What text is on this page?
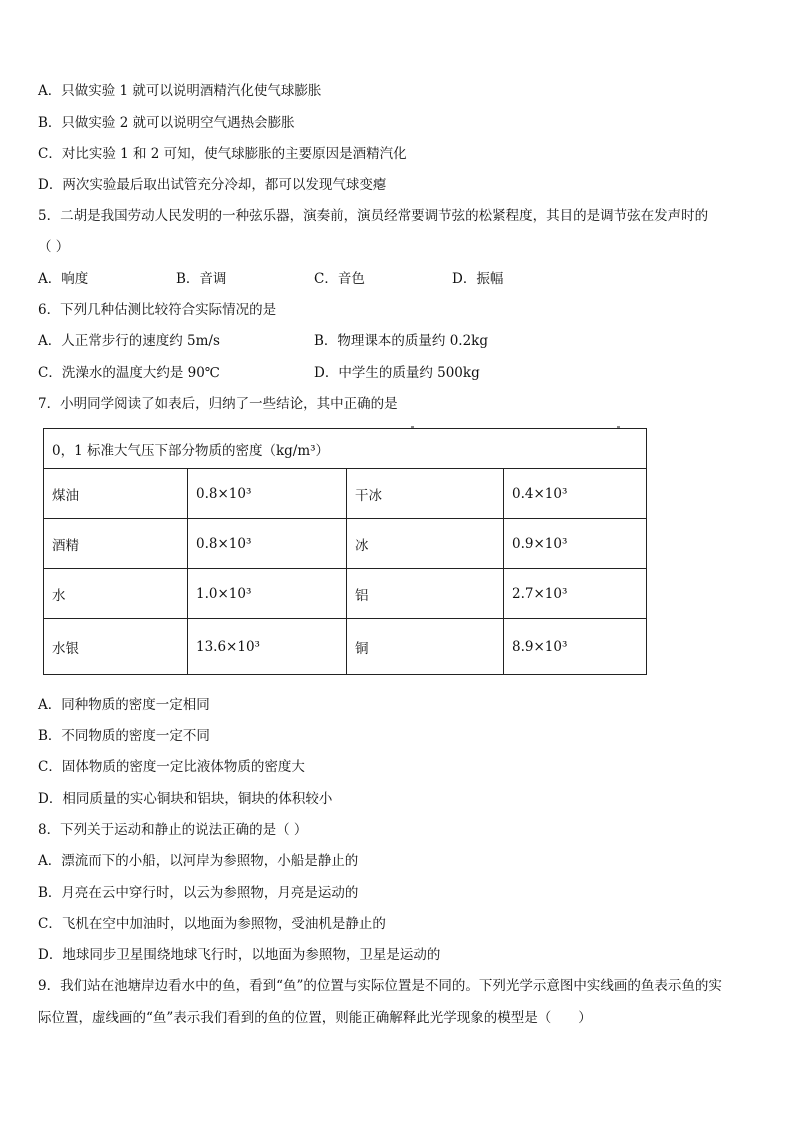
A．只做实验 1 就可以说明酒精汽化使气球膨胀
B．只做实验 2 就可以说明空气遇热会膨胀
C．对比实验 1 和 2 可知，使气球膨胀的主要原因是酒精汽化
D．两次实验最后取出试管充分冷却，都可以发现气球变瘪
5．二胡是我国劳动人民发明的一种弦乐器，演奏前，演员经常要调节弦的松紧程度，其目的是调节弦在发声时的
（ ）
A．响度	B．音调	C．音色	D．振幅
6．下列几种估测比较符合实际情况的是
A．人正常步行的速度约 5m/s	B．物理课本的质量约 0.2kg
C．洗澡水的温度大约是 90℃	D．中学生的质量约 500kg
7．小明同学阅读了如表后，归纳了一些结论，其中正确的是
0，1 标准大气压下部分物质的密度（kg/m³）			
煤油	0.8×10³	干冰	0.4×10³
酒精	0.8×10³	冰	0.9×10³
水	1.0×10³	铝	2.7×10³
水银	13.6×10³	铜	8.9×10³
A．同种物质的密度一定相同
B．不同物质的密度一定不同
C．固体物质的密度一定比液体物质的密度大
D．相同质量的实心铜块和铝块，铜块的体积较小
8．下列关于运动和静止的说法正确的是（ ）
A．漂流而下的小船，以河岸为参照物，小船是静止的
B．月亮在云中穿行时，以云为参照物，月亮是运动的
C．飞机在空中加油时，以地面为参照物，受油机是静止的
D．地球同步卫星围绕地球飞行时，以地面为参照物，卫星是运动的
9．我们站在池塘岸边看水中的鱼，看到“鱼”的位置与实际位置是不同的。下列光学示意图中实线画的鱼表示鱼的实
际位置，虚线画的“鱼”表示我们看到的鱼的位置，则能正确解释此光学现象的模型是（　　）
